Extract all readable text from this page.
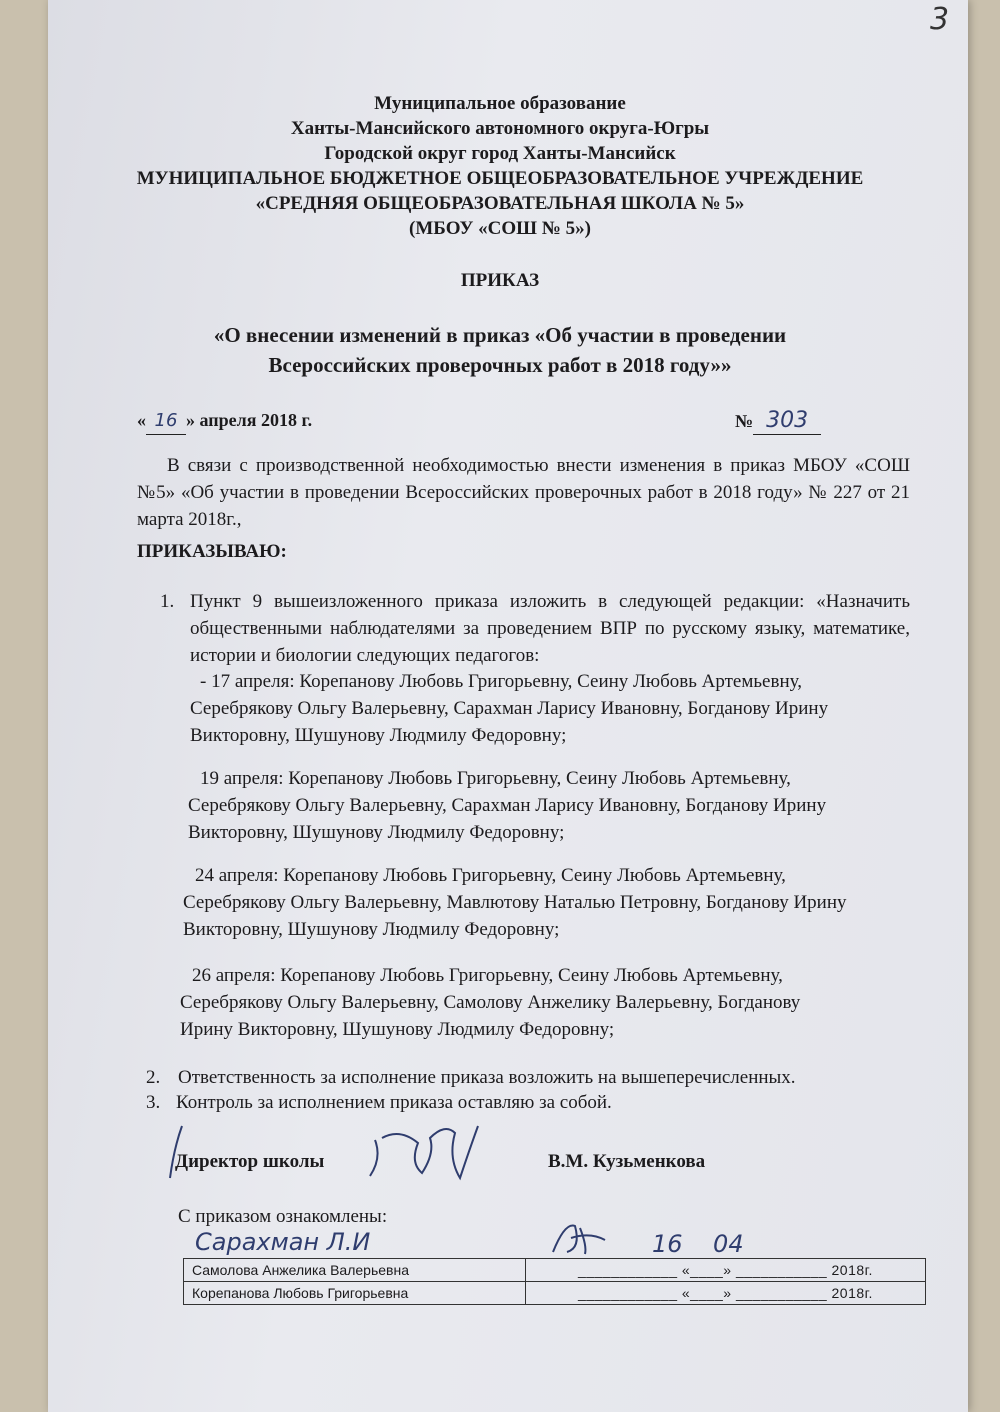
3
Муниципальное образование
Ханты-Мансийского автономного округа-Югры
Городской округ город Ханты-Мансийск
МУНИЦИПАЛЬНОЕ БЮДЖЕТНОЕ ОБЩЕОБРАЗОВАТЕЛЬНОЕ УЧРЕЖДЕНИЕ
«СРЕДНЯЯ ОБЩЕОБРАЗОВАТЕЛЬНАЯ ШКОЛА № 5»
(МБОУ «СОШ № 5»)
ПРИКАЗ
«О внесении изменений в приказ «Об участии в проведении
Всероссийских проверочных работ в 2018 году»»
« 16 » апреля 2018 г.	№ 303
В связи с производственной необходимостью внести изменения в приказ МБОУ «СОШ №5» «Об участии в проведении Всероссийских проверочных работ в 2018 году» № 227 от 21 марта 2018г.,
ПРИКАЗЫВАЮ:
1. Пункт 9 вышеизложенного приказа изложить в следующей редакции: «Назначить общественными наблюдателями за проведением ВПР по русскому языку, математике, истории и биологии следующих педагогов:
- 17 апреля: Корепанову Любовь Григорьевну, Сеину Любовь Артемьевну,
Серебрякову Ольгу Валерьевну, Сарахман Ларису Ивановну, Богданову Ирину
Викторовну, Шушунову Людмилу Федоровну;
19 апреля: Корепанову Любовь Григорьевну, Сеину Любовь Артемьевну,
Серебрякову Ольгу Валерьевну, Сарахман Ларису Ивановну, Богданову Ирину
Викторовну, Шушунову Людмилу Федоровну;
24 апреля: Корепанову Любовь Григорьевну, Сеину Любовь Артемьевну,
Серебрякову Ольгу Валерьевну, Мавлютову Наталью Петровну, Богданову Ирину
Викторовну, Шушунову Людмилу Федоровну;
26 апреля: Корепанову Любовь Григорьевну, Сеину Любовь Артемьевну,
Серебрякову Ольгу Валерьевну, Самолову Анжелику Валерьевну, Богданову
Ирину Викторовну, Шушунову Людмилу Федоровну;
2. Ответственность за исполнение приказа возложить на вышеперечисленных.
3. Контроль за исполнением приказа оставляю за собой.
Директор школы	В.М. Кузьменкова
С приказом ознакомлены:
Сарахман Л.И	16    04
Самолова Анжелика Валерьевна	____________ «____» ___________ 2018г.
Корепанова Любовь Григорьевна	____________ «____» ___________ 2018г.
